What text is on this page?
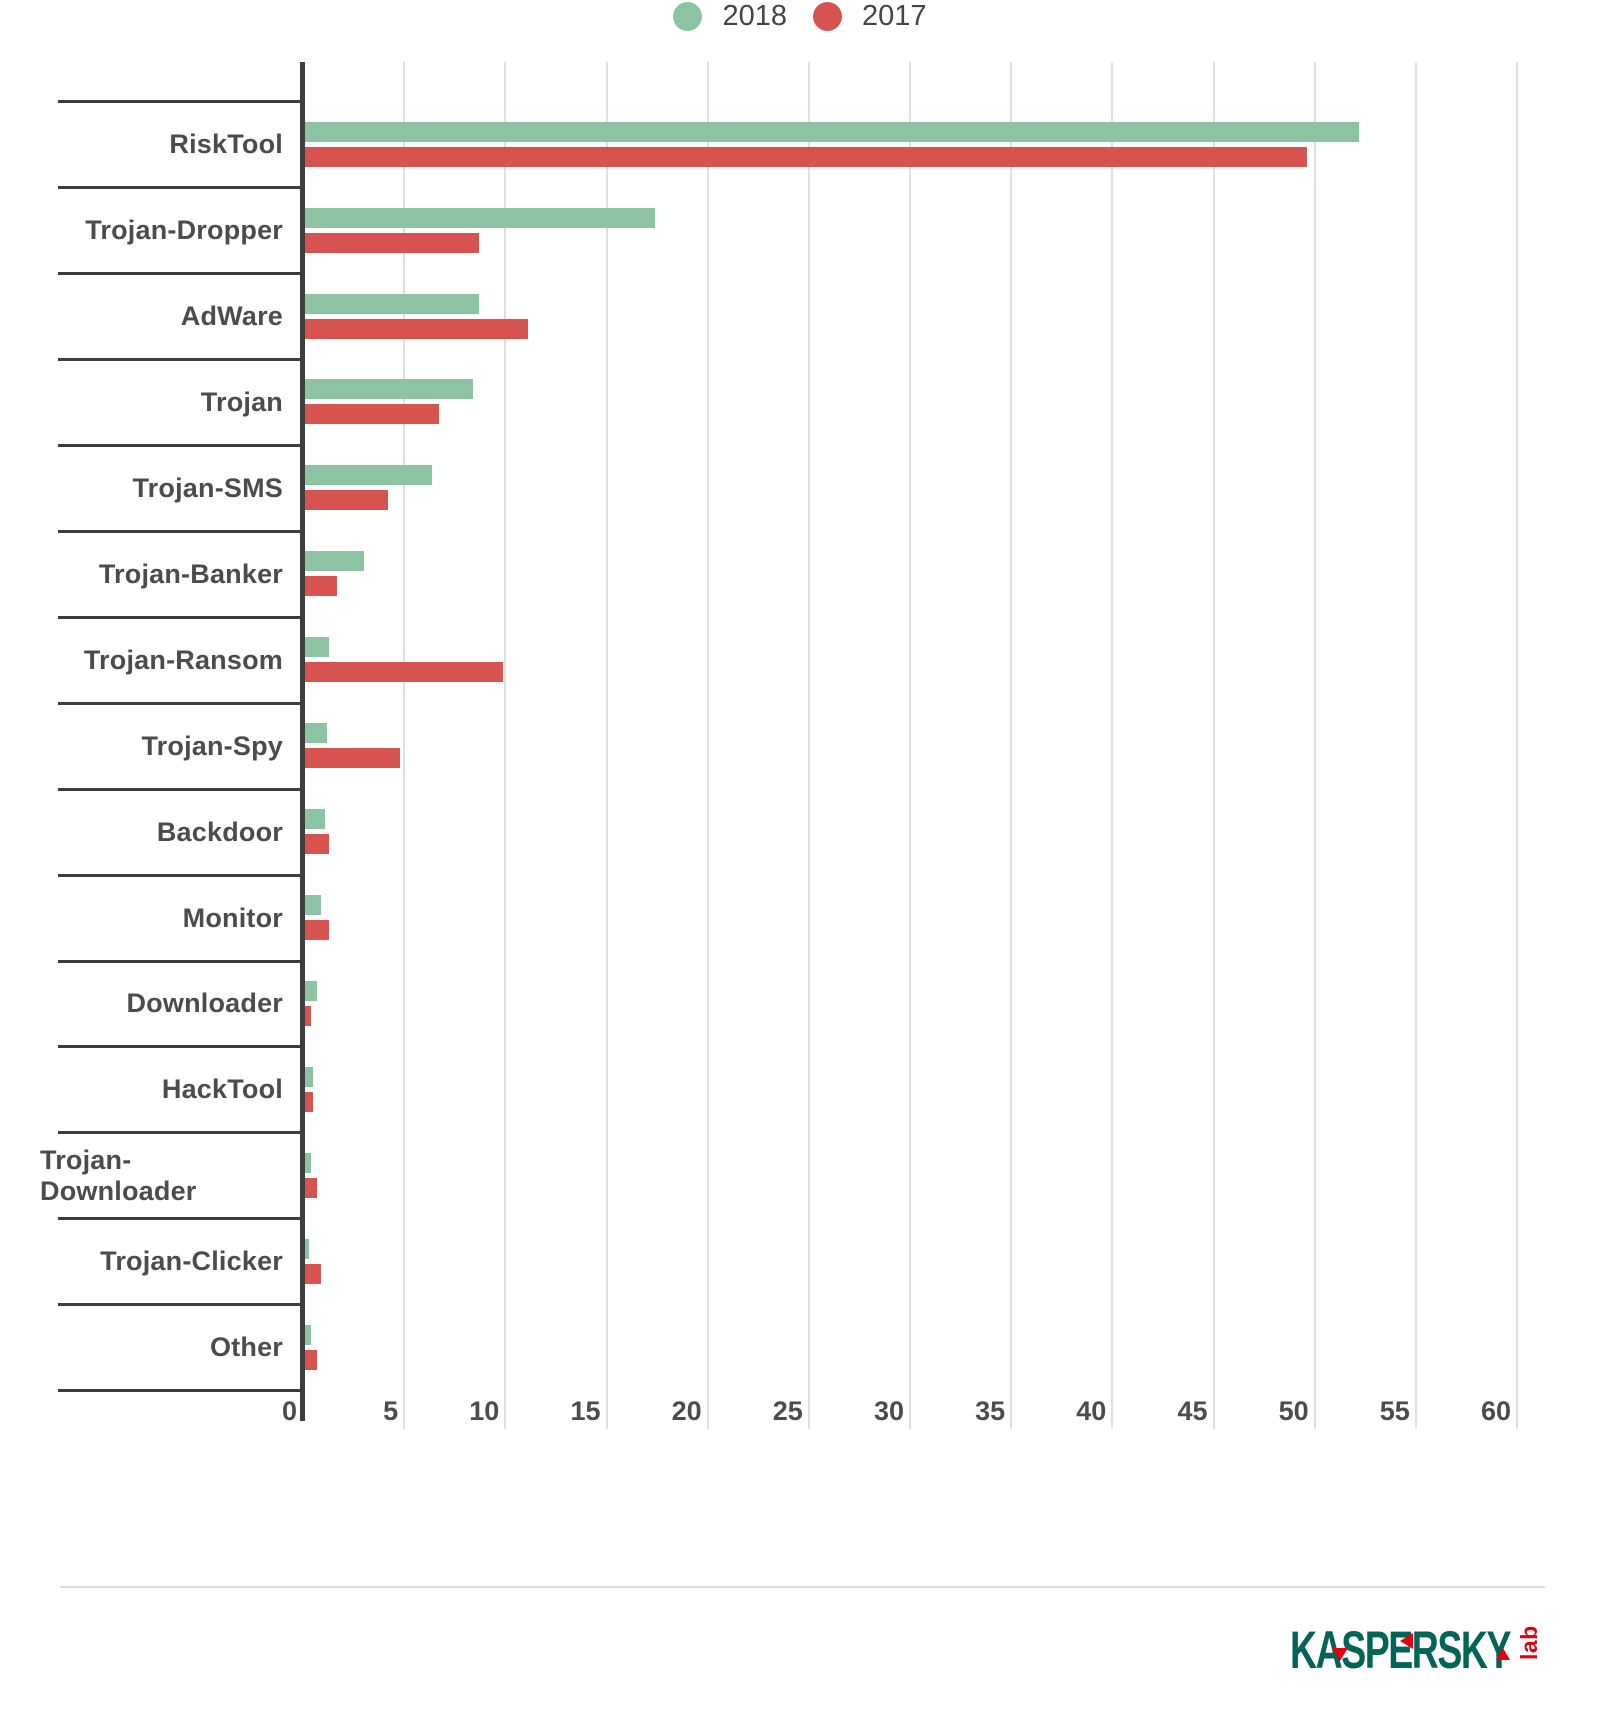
RiskTool
Trojan-Dropper
AdWare
Trojan
Trojan-SMS
Trojan-Banker
Trojan-Ransom
Trojan-Spy
Backdoor
Monitor
Downloader
HackTool
Trojan-Downloader
Trojan-Clicker
Other
0	5	10	15	20	25	30	35	40	45	50	55	60
2018	2017
KASPERSKY lab
